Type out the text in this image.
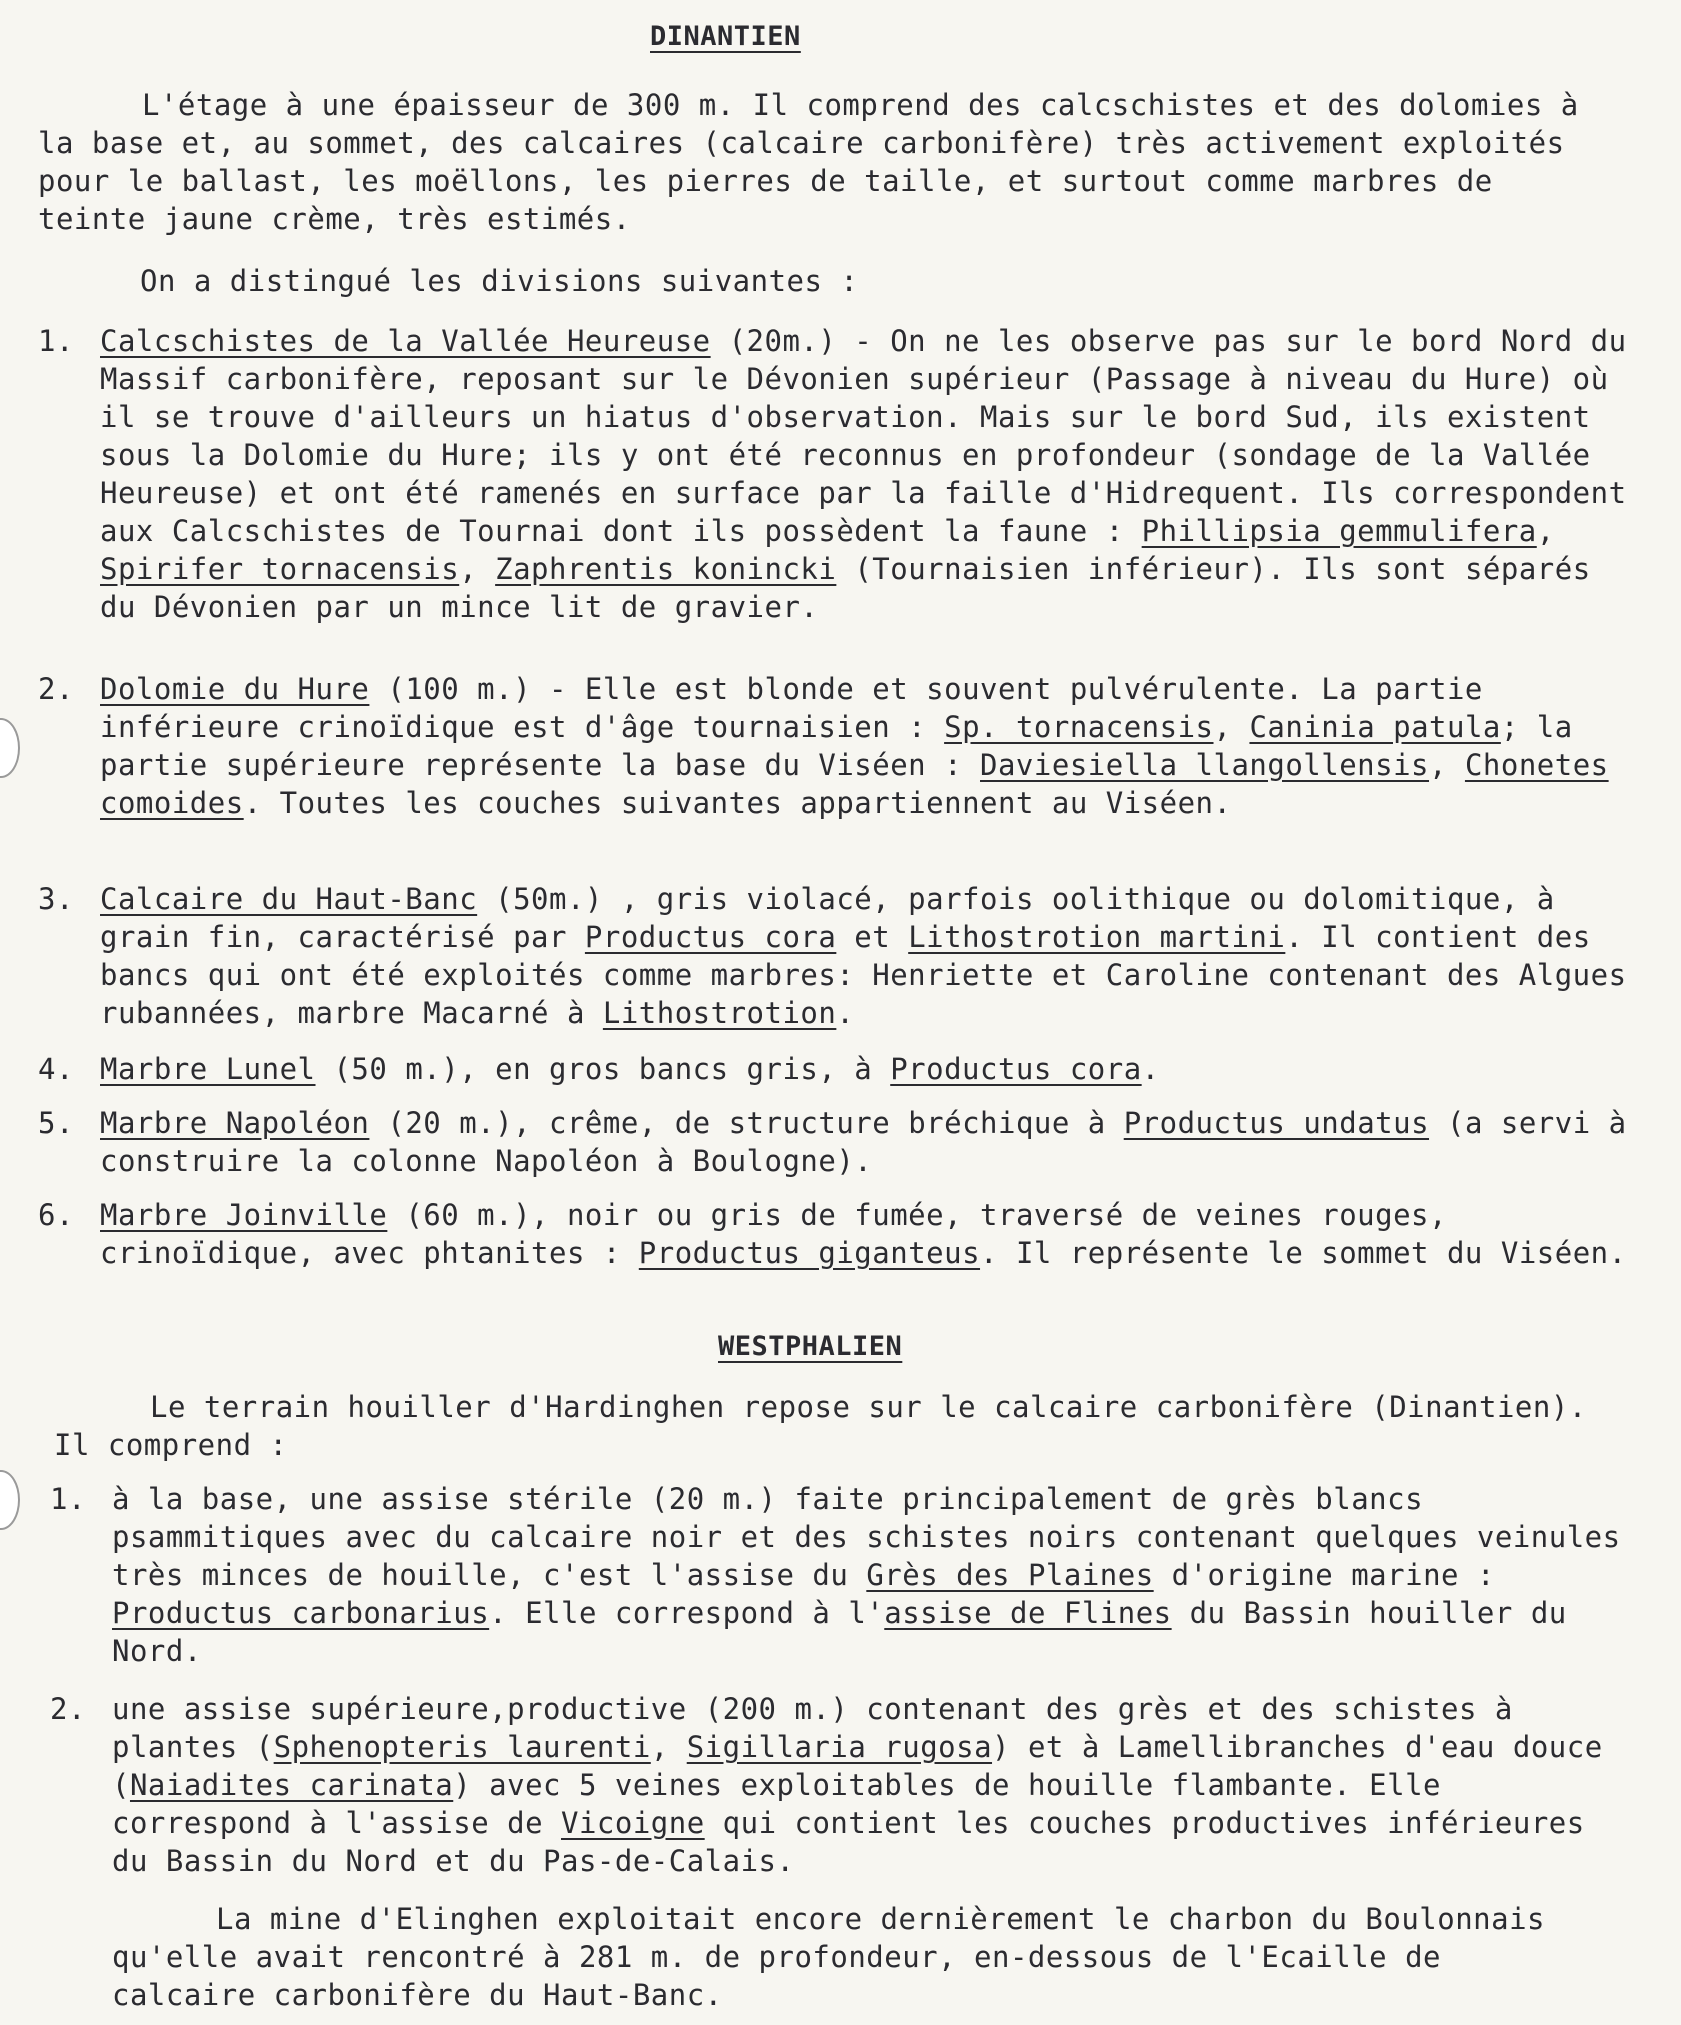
DINANTIEN
L'étage à une épaisseur de 300 m. Il comprend des calcschistes et des dolomies à la base et, au sommet, des calcaires (calcaire carbonifère) très activement exploités pour le ballast, les moëllons, les pierres de taille, et surtout comme marbres de teinte jaune crème, très estimés.
On a distingué les divisions suivantes :
1. Calcschistes de la Vallée Heureuse (20m.) - On ne les observe pas sur le bord Nord du Massif carbonifère, reposant sur le Dévonien supérieur (Passage à niveau du Hure) où il se trouve d'ailleurs un hiatus d'observation. Mais sur le bord Sud, ils existent sous la Dolomie du Hure; ils y ont été reconnus en profondeur (sondage de la Vallée Heureuse) et ont été ramenés en surface par la faille d'Hidrequent. Ils correspondent aux Calcschistes de Tournai dont ils possèdent la faune : Phillipsia gemmulifera, Spirifer tornacensis, Zaphrentis konincki (Tournaisien inférieur). Ils sont séparés du Dévonien par un mince lit de gravier.
2. Dolomie du Hure (100 m.) - Elle est blonde et souvent pulvérulente. La partie inférieure crinoïdique est d'âge tournaisien : Sp. tornacensis, Caninia patula; la partie supérieure représente la base du Viséen : Daviesiella llangollensis, Chonetes comoides. Toutes les couches suivantes appartiennent au Viséen.
3. Calcaire du Haut-Banc (50m.) , gris violacé, parfois oolithique ou dolomitique, à grain fin, caractérisé par Productus cora et Lithostrotion martini. Il contient des bancs qui ont été exploités comme marbres: Henriette et Caroline contenant des Algues rubannées, marbre Macarné à Lithostrotion.
4. Marbre Lunel (50 m.), en gros bancs gris, à Productus cora.
5. Marbre Napoléon (20 m.), crême, de structure bréchique à Productus undatus (a servi à construire la colonne Napoléon à Boulogne).
6. Marbre Joinville (60 m.), noir ou gris de fumée, traversé de veines rouges, crinoïdique, avec phtanites : Productus giganteus. Il représente le sommet du Viséen.
WESTPHALIEN
Le terrain houiller d'Hardinghen repose sur le calcaire carbonifère (Dinantien). Il comprend :
1. à la base, une assise stérile (20 m.) faite principalement de grès blancs psammitiques avec du calcaire noir et des schistes noirs contenant quelques veinules très minces de houille, c'est l'assise du Grès des Plaines d'origine marine : Productus carbonarius. Elle correspond à l'assise de Flines du Bassin houiller du Nord.
2. une assise supérieure,productive (200 m.) contenant des grès et des schistes à plantes (Sphenopteris laurenti, Sigillaria rugosa) et à Lamellibranches d'eau douce (Naiadites carinata) avec 5 veines exploitables de houille flambante. Elle correspond à l'assise de Vicoigne qui contient les couches productives inférieures du Bassin du Nord et du Pas-de-Calais.
La mine d'Elinghen exploitait encore dernièrement le charbon du Boulonnais qu'elle avait rencontré à 281 m. de profondeur, en-dessous de l'Ecaille de calcaire carbonifère du Haut-Banc.
